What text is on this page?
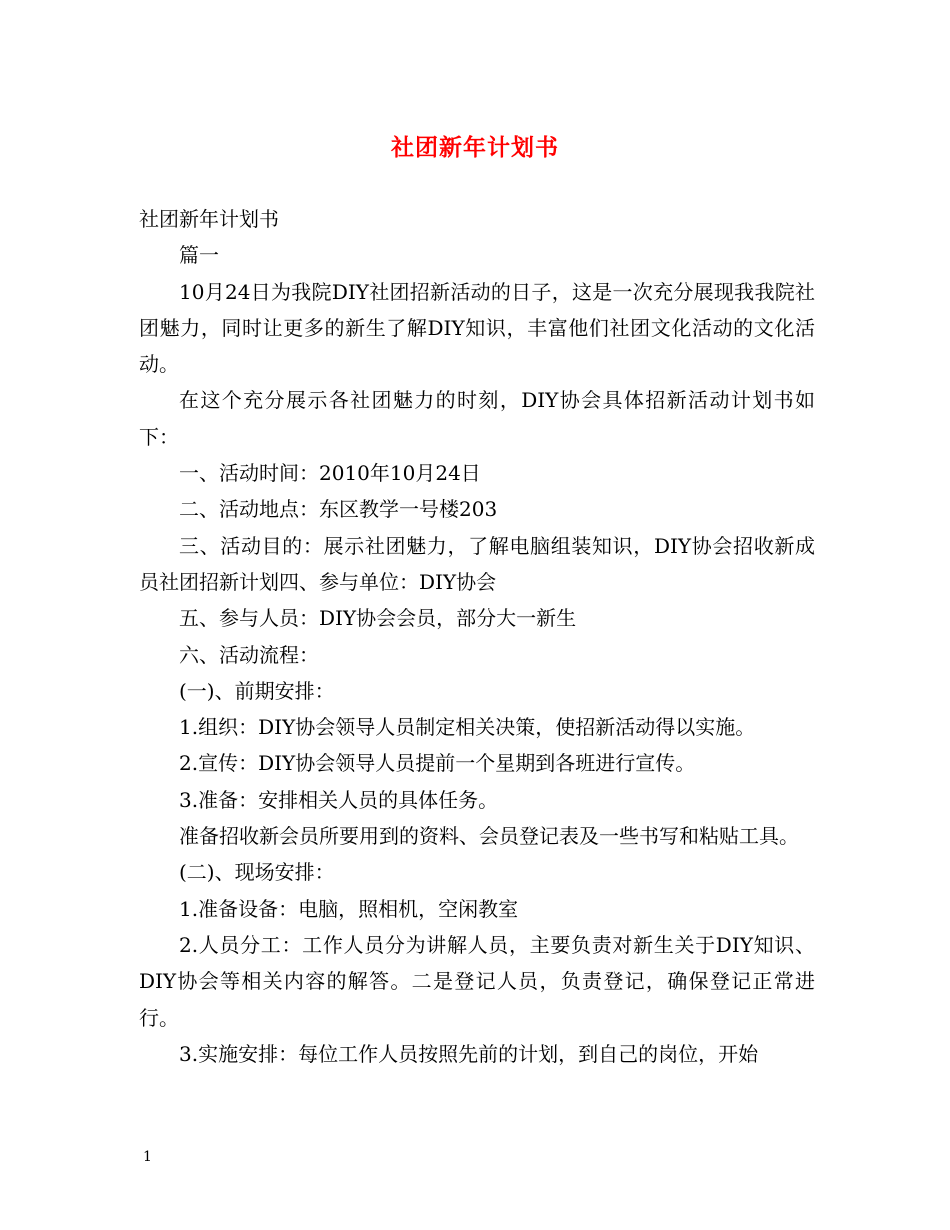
社团新年计划书

社团新年计划书

篇一

10月24日为我院DIY社团招新活动的日子，这是一次充分展现我我院社团魅力，同时让更多的新生了解DIY知识，丰富他们社团文化活动的文化活动。

在这个充分展示各社团魅力的时刻，DIY协会具体招新活动计划书如下：

一、活动时间：2010年10月24日

二、活动地点：东区教学一号楼203

三、活动目的：展示社团魅力，了解电脑组装知识，DIY协会招收新成员社团招新计划四、参与单位：DIY协会

五、参与人员：DIY协会会员，部分大一新生

六、活动流程：

(一)、前期安排：

1.组织：DIY协会领导人员制定相关决策，使招新活动得以实施。

2.宣传：DIY协会领导人员提前一个星期到各班进行宣传。

3.准备：安排相关人员的具体任务。

准备招收新会员所要用到的资料、会员登记表及一些书写和粘贴工具。

(二)、现场安排：

1.准备设备：电脑，照相机，空闲教室

2.人员分工：工作人员分为讲解人员，主要负责对新生关于DIY知识、DIY协会等相关内容的解答。二是登记人员，负责登记，确保登记正常进行。

3.实施安排：每位工作人员按照先前的计划，到自己的岗位，开始

1
